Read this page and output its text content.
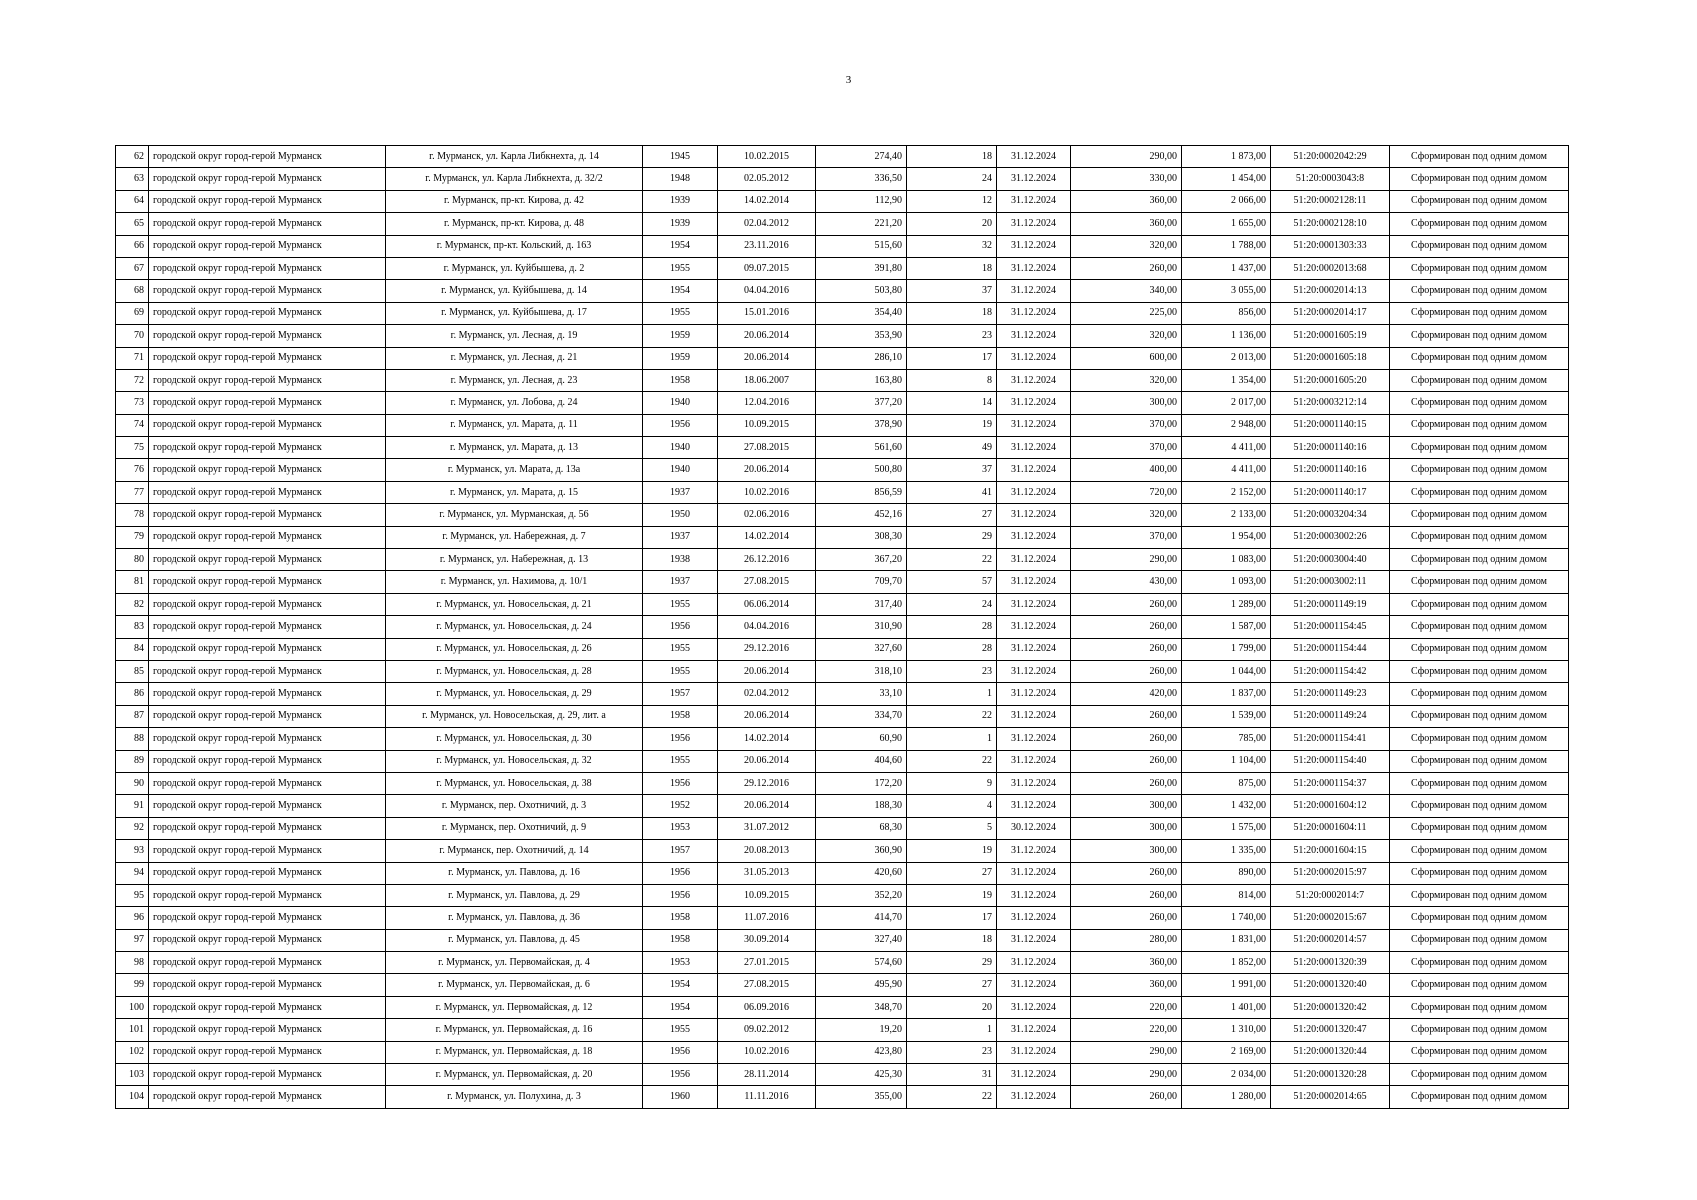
3
62	городской округ город-герой Мурманск	г. Мурманск, ул. Карла Либкнехта, д. 14	1945	10.02.2015	274,40	18	31.12.2024	290,00	1 873,00	51:20:0002042:29	Сформирован под одним домом
63	городской округ город-герой Мурманск	г. Мурманск, ул. Карла Либкнехта, д. 32/2	1948	02.05.2012	336,50	24	31.12.2024	330,00	1 454,00	51:20:0003043:8	Сформирован под одним домом
64	городской округ город-герой Мурманск	г. Мурманск, пр-кт. Кирова, д. 42	1939	14.02.2014	112,90	12	31.12.2024	360,00	2 066,00	51:20:0002128:11	Сформирован под одним домом
65	городской округ город-герой Мурманск	г. Мурманск, пр-кт. Кирова, д. 48	1939	02.04.2012	221,20	20	31.12.2024	360,00	1 655,00	51:20:0002128:10	Сформирован под одним домом
66	городской округ город-герой Мурманск	г. Мурманск, пр-кт. Кольский, д. 163	1954	23.11.2016	515,60	32	31.12.2024	320,00	1 788,00	51:20:0001303:33	Сформирован под одним домом
67	городской округ город-герой Мурманск	г. Мурманск, ул. Куйбышева, д. 2	1955	09.07.2015	391,80	18	31.12.2024	260,00	1 437,00	51:20:0002013:68	Сформирован под одним домом
68	городской округ город-герой Мурманск	г. Мурманск, ул. Куйбышева, д. 14	1954	04.04.2016	503,80	37	31.12.2024	340,00	3 055,00	51:20:0002014:13	Сформирован под одним домом
69	городской округ город-герой Мурманск	г. Мурманск, ул. Куйбышева, д. 17	1955	15.01.2016	354,40	18	31.12.2024	225,00	856,00	51:20:0002014:17	Сформирован под одним домом
70	городской округ город-герой Мурманск	г. Мурманск, ул. Лесная, д. 19	1959	20.06.2014	353,90	23	31.12.2024	320,00	1 136,00	51:20:0001605:19	Сформирован под одним домом
71	городской округ город-герой Мурманск	г. Мурманск, ул. Лесная, д. 21	1959	20.06.2014	286,10	17	31.12.2024	600,00	2 013,00	51:20:0001605:18	Сформирован под одним домом
72	городской округ город-герой Мурманск	г. Мурманск, ул. Лесная, д. 23	1958	18.06.2007	163,80	8	31.12.2024	320,00	1 354,00	51:20:0001605:20	Сформирован под одним домом
73	городской округ город-герой Мурманск	г. Мурманск, ул. Лобова, д. 24	1940	12.04.2016	377,20	14	31.12.2024	300,00	2 017,00	51:20:0003212:14	Сформирован под одним домом
74	городской округ город-герой Мурманск	г. Мурманск, ул. Марата, д. 11	1956	10.09.2015	378,90	19	31.12.2024	370,00	2 948,00	51:20:0001140:15	Сформирован под одним домом
75	городской округ город-герой Мурманск	г. Мурманск, ул. Марата, д. 13	1940	27.08.2015	561,60	49	31.12.2024	370,00	4 411,00	51:20:0001140:16	Сформирован под одним домом
76	городской округ город-герой Мурманск	г. Мурманск, ул. Марата, д. 13а	1940	20.06.2014	500,80	37	31.12.2024	400,00	4 411,00	51:20:0001140:16	Сформирован под одним домом
77	городской округ город-герой Мурманск	г. Мурманск, ул. Марата, д. 15	1937	10.02.2016	856,59	41	31.12.2024	720,00	2 152,00	51:20:0001140:17	Сформирован под одним домом
78	городской округ город-герой Мурманск	г. Мурманск, ул. Мурманская, д. 56	1950	02.06.2016	452,16	27	31.12.2024	320,00	2 133,00	51:20:0003204:34	Сформирован под одним домом
79	городской округ город-герой Мурманск	г. Мурманск, ул. Набережная, д. 7	1937	14.02.2014	308,30	29	31.12.2024	370,00	1 954,00	51:20:0003002:26	Сформирован под одним домом
80	городской округ город-герой Мурманск	г. Мурманск, ул. Набережная, д. 13	1938	26.12.2016	367,20	22	31.12.2024	290,00	1 083,00	51:20:0003004:40	Сформирован под одним домом
81	городской округ город-герой Мурманск	г. Мурманск, ул. Нахимова, д. 10/1	1937	27.08.2015	709,70	57	31.12.2024	430,00	1 093,00	51:20:0003002:11	Сформирован под одним домом
82	городской округ город-герой Мурманск	г. Мурманск, ул. Новосельская, д. 21	1955	06.06.2014	317,40	24	31.12.2024	260,00	1 289,00	51:20:0001149:19	Сформирован под одним домом
83	городской округ город-герой Мурманск	г. Мурманск, ул. Новосельская, д. 24	1956	04.04.2016	310,90	28	31.12.2024	260,00	1 587,00	51:20:0001154:45	Сформирован под одним домом
84	городской округ город-герой Мурманск	г. Мурманск, ул. Новосельская, д. 26	1955	29.12.2016	327,60	28	31.12.2024	260,00	1 799,00	51:20:0001154:44	Сформирован под одним домом
85	городской округ город-герой Мурманск	г. Мурманск, ул. Новосельская, д. 28	1955	20.06.2014	318,10	23	31.12.2024	260,00	1 044,00	51:20:0001154:42	Сформирован под одним домом
86	городской округ город-герой Мурманск	г. Мурманск, ул. Новосельская, д. 29	1957	02.04.2012	33,10	1	31.12.2024	420,00	1 837,00	51:20:0001149:23	Сформирован под одним домом
87	городской округ город-герой Мурманск	г. Мурманск, ул. Новосельская, д. 29, лит. а	1958	20.06.2014	334,70	22	31.12.2024	260,00	1 539,00	51:20:0001149:24	Сформирован под одним домом
88	городской округ город-герой Мурманск	г. Мурманск, ул. Новосельская, д. 30	1956	14.02.2014	60,90	1	31.12.2024	260,00	785,00	51:20:0001154:41	Сформирован под одним домом
89	городской округ город-герой Мурманск	г. Мурманск, ул. Новосельская, д. 32	1955	20.06.2014	404,60	22	31.12.2024	260,00	1 104,00	51:20:0001154:40	Сформирован под одним домом
90	городской округ город-герой Мурманск	г. Мурманск, ул. Новосельская, д. 38	1956	29.12.2016	172,20	9	31.12.2024	260,00	875,00	51:20:0001154:37	Сформирован под одним домом
91	городской округ город-герой Мурманск	г. Мурманск, пер. Охотничий, д. 3	1952	20.06.2014	188,30	4	31.12.2024	300,00	1 432,00	51:20:0001604:12	Сформирован под одним домом
92	городской округ город-герой Мурманск	г. Мурманск, пер. Охотничий, д. 9	1953	31.07.2012	68,30	5	30.12.2024	300,00	1 575,00	51:20:0001604:11	Сформирован под одним домом
93	городской округ город-герой Мурманск	г. Мурманск, пер. Охотничий, д. 14	1957	20.08.2013	360,90	19	31.12.2024	300,00	1 335,00	51:20:0001604:15	Сформирован под одним домом
94	городской округ город-герой Мурманск	г. Мурманск, ул. Павлова, д. 16	1956	31.05.2013	420,60	27	31.12.2024	260,00	890,00	51:20:0002015:97	Сформирован под одним домом
95	городской округ город-герой Мурманск	г. Мурманск, ул. Павлова, д. 29	1956	10.09.2015	352,20	19	31.12.2024	260,00	814,00	51:20:0002014:7	Сформирован под одним домом
96	городской округ город-герой Мурманск	г. Мурманск, ул. Павлова, д. 36	1958	11.07.2016	414,70	17	31.12.2024	260,00	1 740,00	51:20:0002015:67	Сформирован под одним домом
97	городской округ город-герой Мурманск	г. Мурманск, ул. Павлова, д. 45	1958	30.09.2014	327,40	18	31.12.2024	280,00	1 831,00	51:20:0002014:57	Сформирован под одним домом
98	городской округ город-герой Мурманск	г. Мурманск, ул. Первомайская, д. 4	1953	27.01.2015	574,60	29	31.12.2024	360,00	1 852,00	51:20:0001320:39	Сформирован под одним домом
99	городской округ город-герой Мурманск	г. Мурманск, ул. Первомайская, д. 6	1954	27.08.2015	495,90	27	31.12.2024	360,00	1 991,00	51:20:0001320:40	Сформирован под одним домом
100	городской округ город-герой Мурманск	г. Мурманск, ул. Первомайская, д. 12	1954	06.09.2016	348,70	20	31.12.2024	220,00	1 401,00	51:20:0001320:42	Сформирован под одним домом
101	городской округ город-герой Мурманск	г. Мурманск, ул. Первомайская, д. 16	1955	09.02.2012	19,20	1	31.12.2024	220,00	1 310,00	51:20:0001320:47	Сформирован под одним домом
102	городской округ город-герой Мурманск	г. Мурманск, ул. Первомайская, д. 18	1956	10.02.2016	423,80	23	31.12.2024	290,00	2 169,00	51:20:0001320:44	Сформирован под одним домом
103	городской округ город-герой Мурманск	г. Мурманск, ул. Первомайская, д. 20	1956	28.11.2014	425,30	31	31.12.2024	290,00	2 034,00	51:20:0001320:28	Сформирован под одним домом
104	городской округ город-герой Мурманск	г. Мурманск, ул. Полухина, д. 3	1960	11.11.2016	355,00	22	31.12.2024	260,00	1 280,00	51:20:0002014:65	Сформирован под одним домом
